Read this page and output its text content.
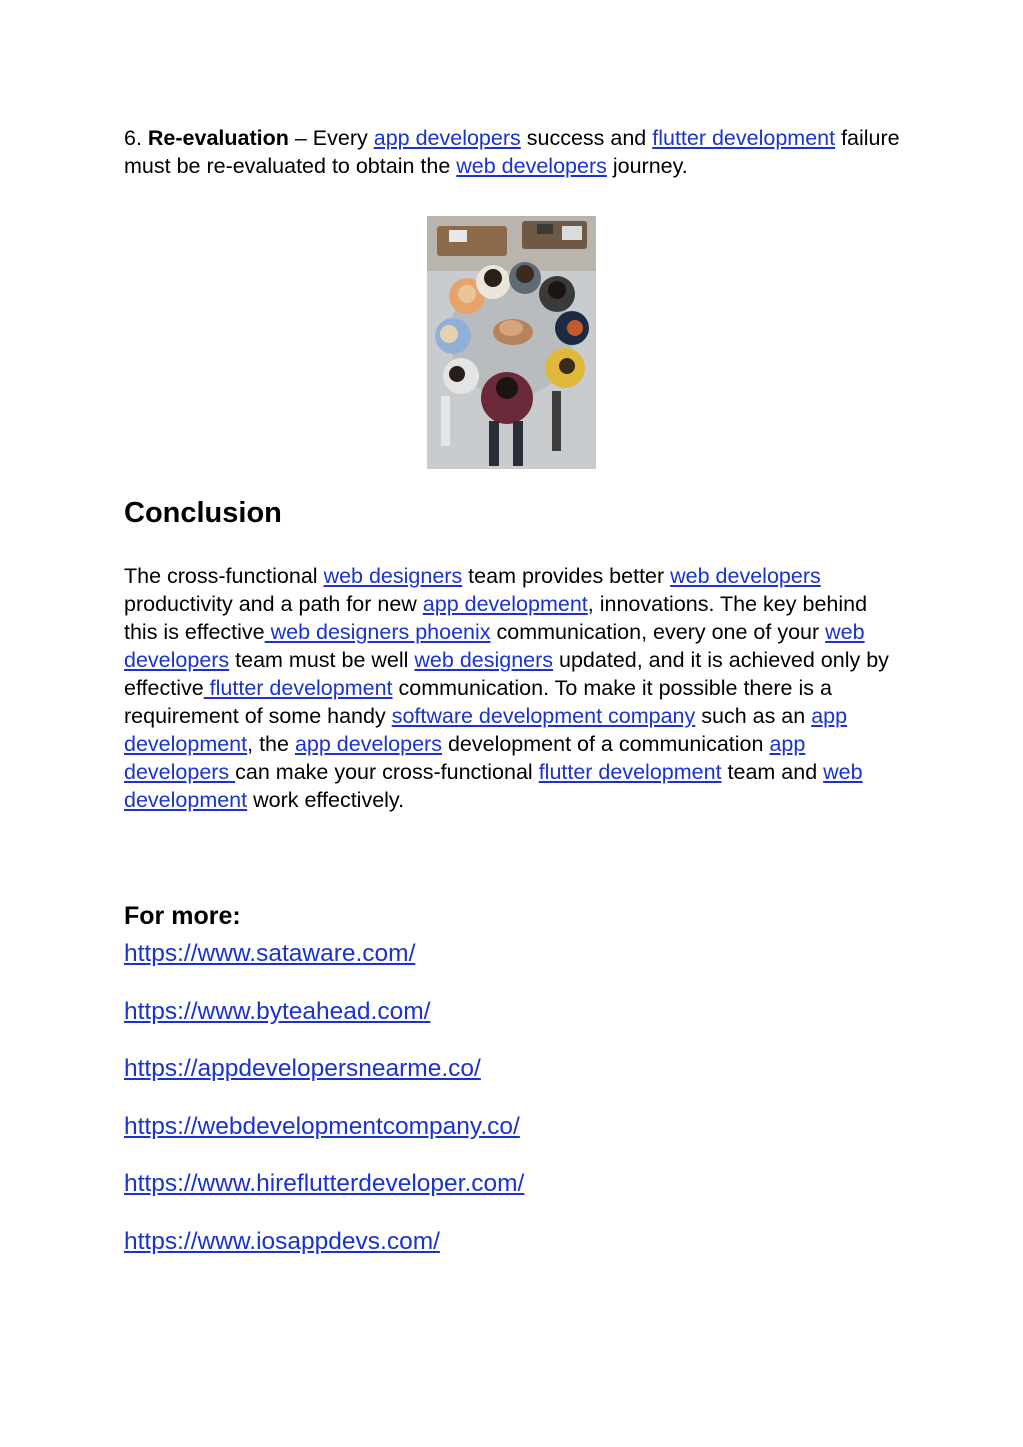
6. Re-evaluation – Every app developers success and flutter development failure must be re-evaluated to obtain the web developers journey.

Conclusion

The cross-functional web designers team provides better web developers productivity and a path for new app development, innovations. The key behind this is effective web designers phoenix communication, every one of your web developers team must be well web designers updated, and it is achieved only by effective flutter development communication. To make it possible there is a requirement of some handy software development company such as an app development, the app developers development of a communication app developers can make your cross-functional flutter development team and web development work effectively.

For more:
https://www.sataware.com/
https://www.byteahead.com/
https://appdevelopersnearme.co/
https://webdevelopmentcompany.co/
https://www.hireflutterdeveloper.com/
https://www.iosappdevs.com/
